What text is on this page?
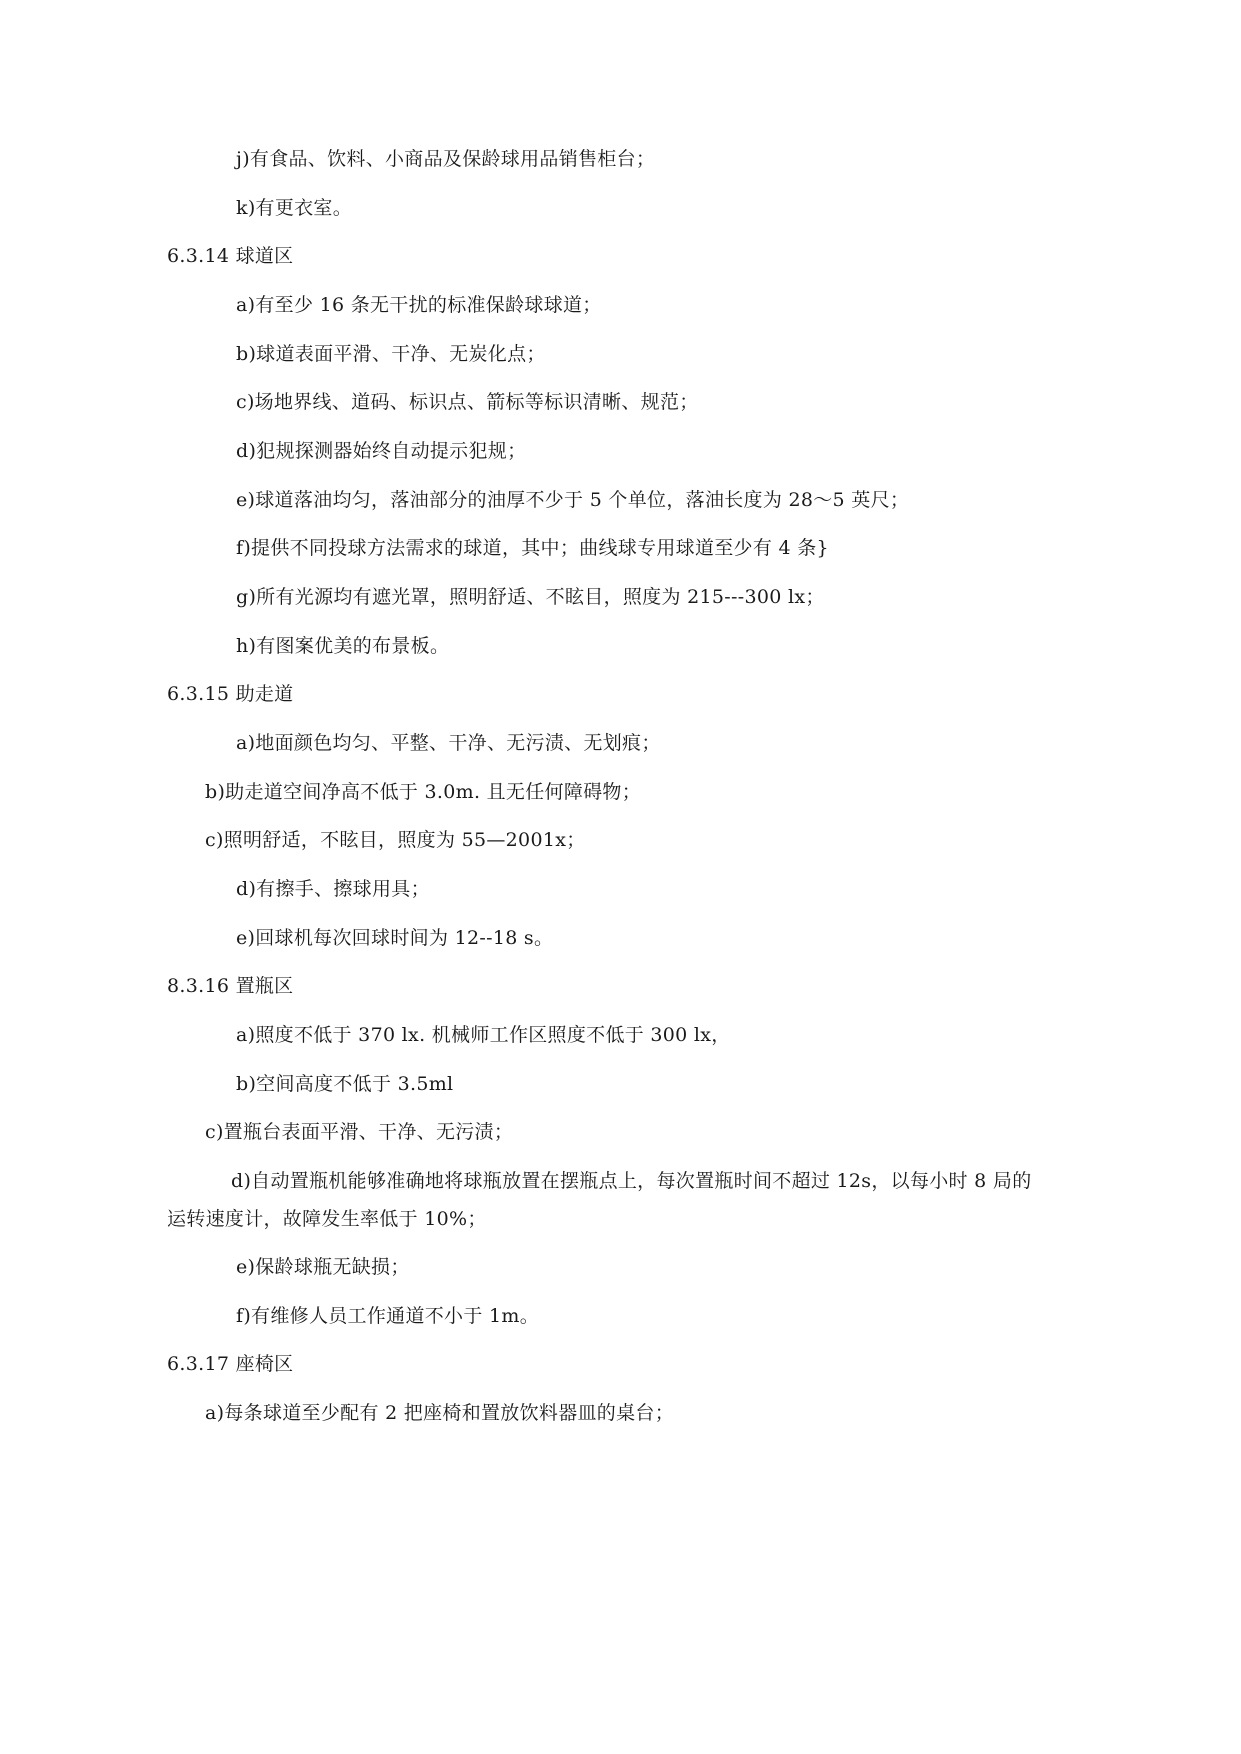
j)有食品、饮料、小商品及保龄球用品销售柜台；
k)有更衣室。
6.3.14 球道区
a)有至少 16 条无干扰的标准保龄球球道；
b)球道表面平滑、干净、无炭化点；
c)场地界线、道码、标识点、箭标等标识清晰、规范；
d)犯规探测器始终自动提示犯规；
e)球道落油均匀，落油部分的油厚不少于 5 个单位，落油长度为 28～5 英尺；
f)提供不同投球方法需求的球道，其中；曲线球专用球道至少有 4 条}
g)所有光源均有遮光罩，照明舒适、不眩目，照度为 215---300 lx；
h)有图案优美的布景板。
6.3.15 助走道
a)地面颜色均匀、平整、干净、无污渍、无划痕；
b)助走道空间净高不低于 3.0m. 且无任何障碍物；
c)照明舒适，不眩目，照度为 55—2001x；
d)有擦手、擦球用具；
e)回球机每次回球时间为 12--18 s。
8.3.16 置瓶区
a)照度不低于 370 lx. 机械师工作区照度不低于 300 lx，
b)空间高度不低于 3.5ml
c)置瓶台表面平滑、干净、无污渍；
d)自动置瓶机能够准确地将球瓶放置在摆瓶点上，每次置瓶时间不超过 12s，以每小时 8 局的运转速度计，故障发生率低于 10%；
e)保龄球瓶无缺损；
f)有维修人员工作通道不小于 1m。
6.3.17 座椅区
a)每条球道至少配有 2 把座椅和置放饮料器皿的桌台；
